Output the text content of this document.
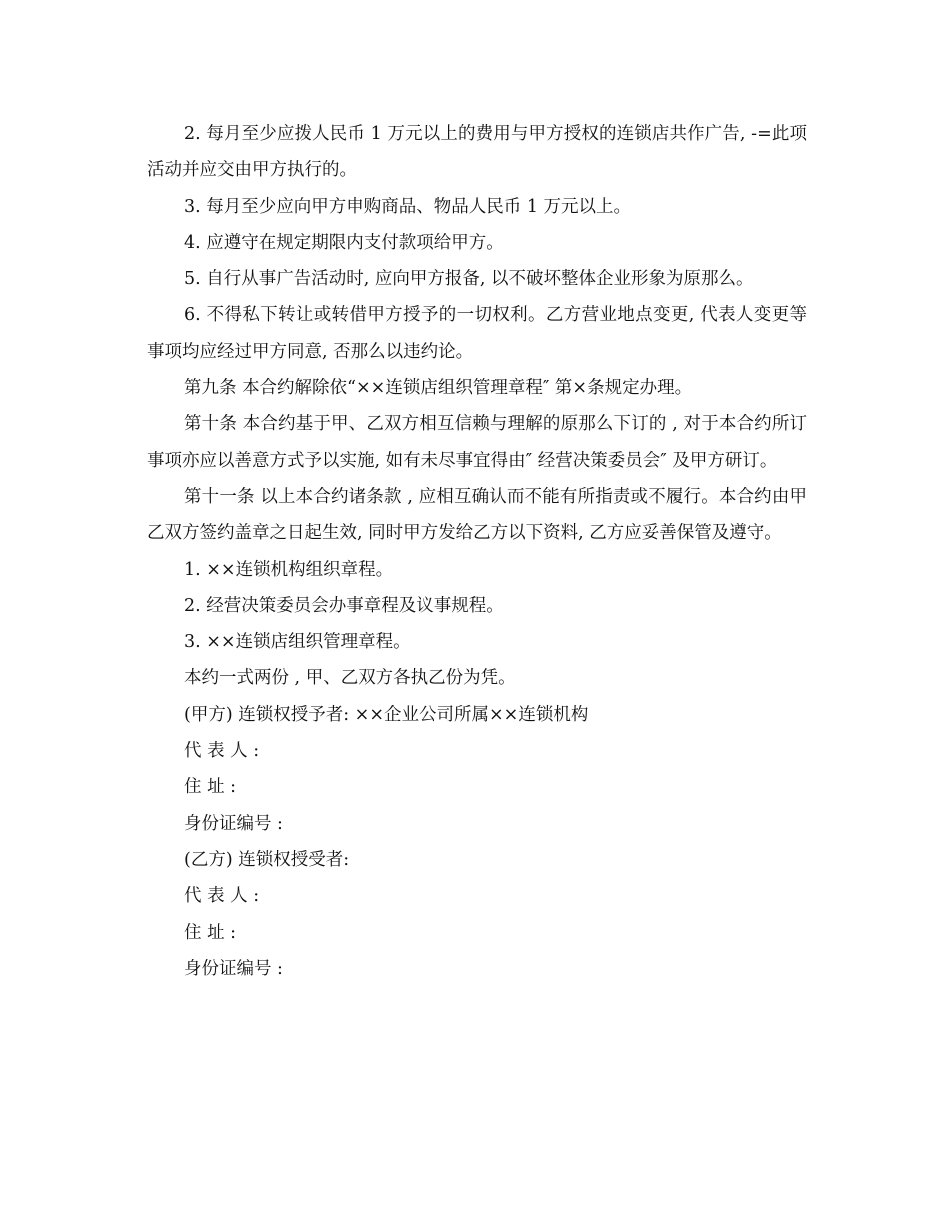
2. 每月至少应拨人民币 1 万元以上的费用与甲方授权的连锁店共作广告, -=此项活动并应交由甲方执行的。

3. 每月至少应向甲方申购商品、物品人民币 1 万元以上。

4. 应遵守在规定期限内支付款项给甲方。

5. 自行从事广告活动时, 应向甲方报备, 以不破坏整体企业形象为原那么。

6. 不得私下转让或转借甲方授予的一切权利。乙方营业地点变更, 代表人变更等事项均应经过甲方同意, 否那么以违约论。

第九条 本合约解除依“××连锁店组织管理章程″ 第×条规定办理。

第十条 本合约基于甲、乙双方相互信赖与理解的原那么下订的 , 对于本合约所订事项亦应以善意方式予以实施, 如有未尽事宜得由″ 经营决策委员会″ 及甲方研订。

第十一条 以上本合约诸条款 , 应相互确认而不能有所指责或不履行。本合约由甲乙双方签约盖章之日起生效, 同时甲方发给乙方以下资料, 乙方应妥善保管及遵守。

1. ××连锁机构组织章程。

2. 经营决策委员会办事章程及议事规程。

3. ××连锁店组织管理章程。

本约一式两份 , 甲、乙双方各执乙份为凭。

(甲方) 连锁权授予者: ××企业公司所属××连锁机构

代 表 人 :

住 址 :

身份证编号 :

(乙方) 连锁权授受者:

代 表 人 :

住 址 :

身份证编号 :
